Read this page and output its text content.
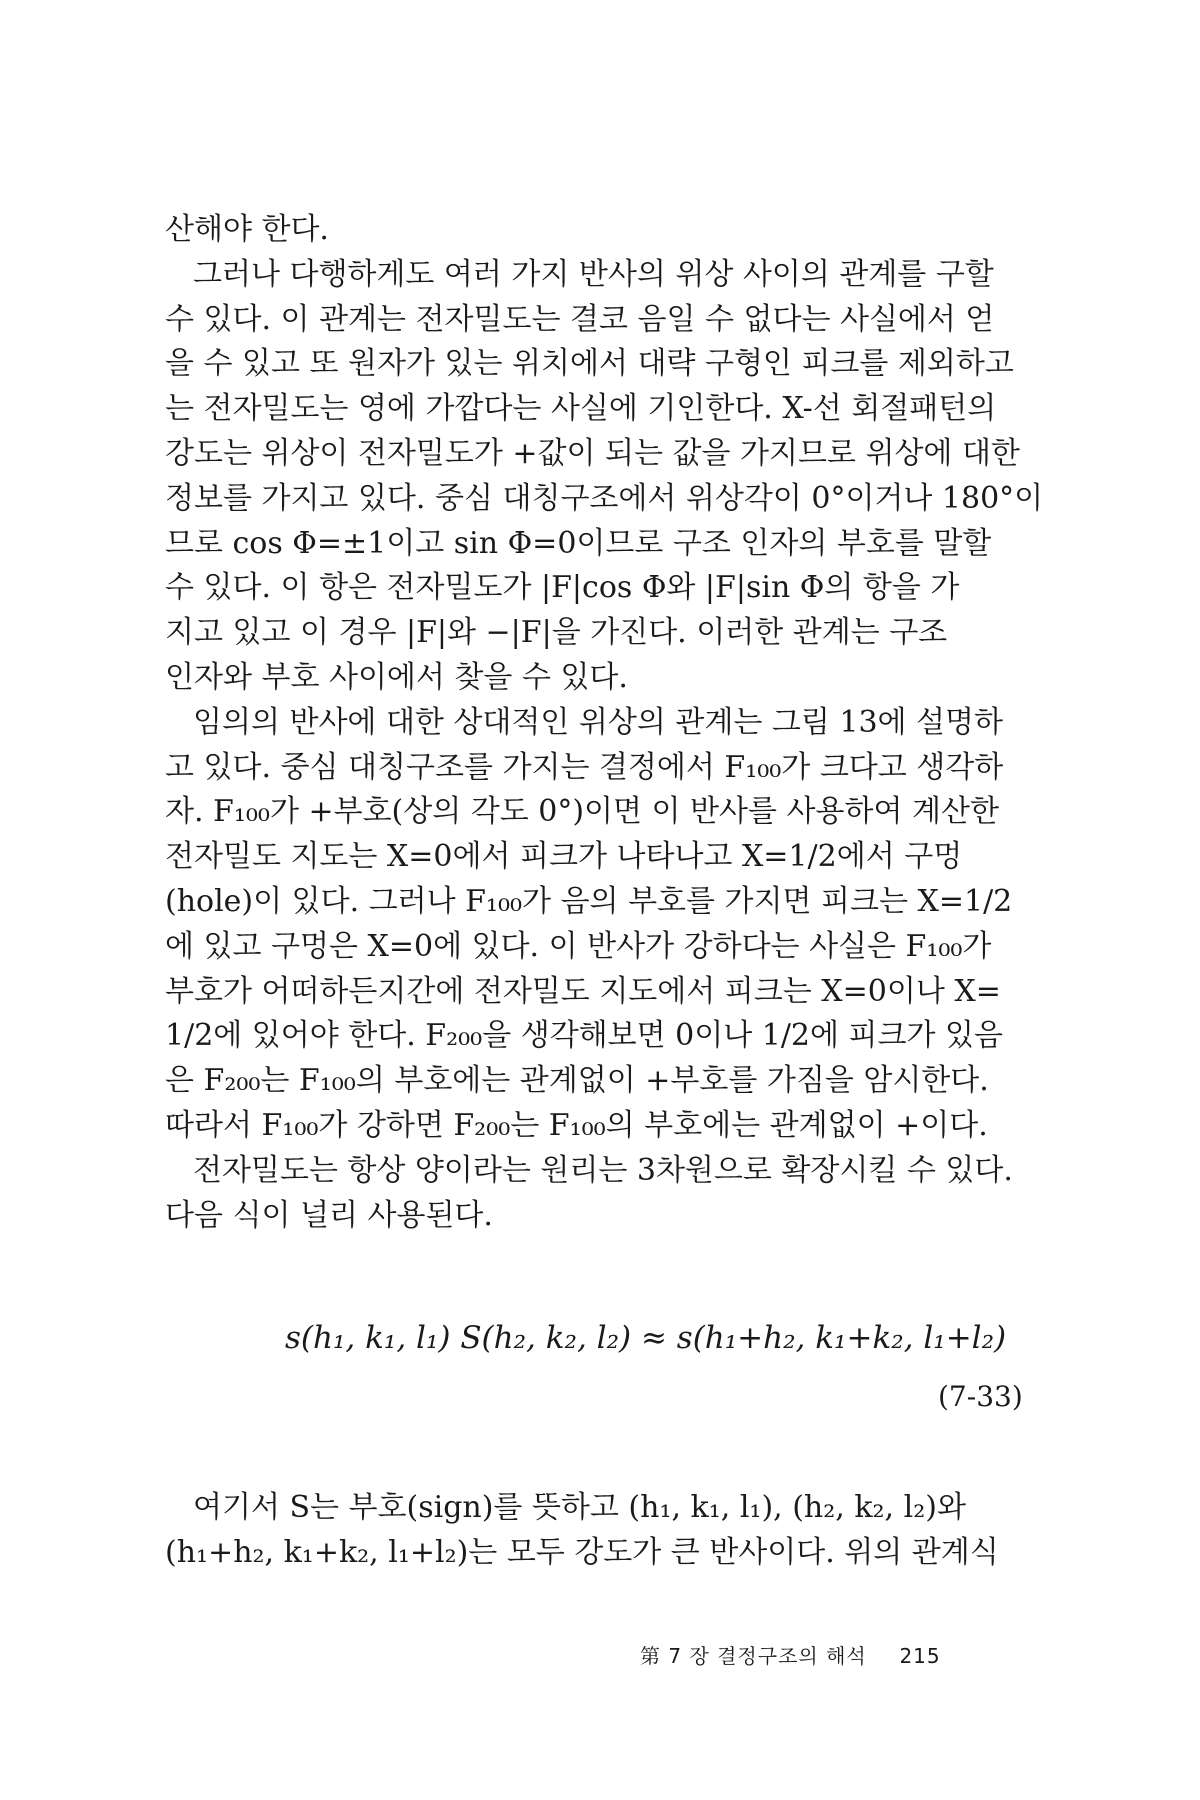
산해야 한다.
그러나 다행하게도 여러 가지 반사의 위상 사이의 관계를 구할
수 있다. 이 관계는 전자밀도는 결코 음일 수 없다는 사실에서 얻
을 수 있고 또 원자가 있는 위치에서 대략 구형인 피크를 제외하고
는 전자밀도는 영에 가깝다는 사실에 기인한다. X-선 회절패턴의
강도는 위상이 전자밀도가 +값이 되는 값을 가지므로 위상에 대한
정보를 가지고 있다. 중심 대칭구조에서 위상각이 0°이거나 180°이
므로 cos Φ=±1이고 sin Φ=0이므로 구조 인자의 부호를 말할
수 있다. 이 항은 전자밀도가 |F|cos Φ와 |F|sin Φ의 항을 가
지고 있고 이 경우 |F|와 −|F|을 가진다. 이러한 관계는 구조
인자와 부호 사이에서 찾을 수 있다.
임의의 반사에 대한 상대적인 위상의 관계는 그림 13에 설명하
고 있다. 중심 대칭구조를 가지는 결정에서 F₁₀₀가 크다고 생각하
자. F₁₀₀가 +부호(상의 각도 0°)이면 이 반사를 사용하여 계산한
전자밀도 지도는 X=0에서 피크가 나타나고 X=1/2에서 구멍
(hole)이 있다. 그러나 F₁₀₀가 음의 부호를 가지면 피크는 X=1/2
에 있고 구멍은 X=0에 있다. 이 반사가 강하다는 사실은 F₁₀₀가
부호가 어떠하든지간에 전자밀도 지도에서 피크는 X=0이나 X=
1/2에 있어야 한다. F₂₀₀을 생각해보면 0이나 1/2에 피크가 있음
은 F₂₀₀는 F₁₀₀의 부호에는 관계없이 +부호를 가짐을 암시한다.
따라서 F₁₀₀가 강하면 F₂₀₀는 F₁₀₀의 부호에는 관계없이 +이다.
전자밀도는 항상 양이라는 원리는 3차원으로 확장시킬 수 있다.
다음 식이 널리 사용된다.
s(h₁, k₁, l₁) S(h₂, k₂, l₂) ≈ s(h₁+h₂, k₁+k₂, l₁+l₂)
(7-33)
여기서 S는 부호(sign)를 뜻하고 (h₁, k₁, l₁), (h₂, k₂, l₂)와
(h₁+h₂, k₁+k₂, l₁+l₂)는 모두 강도가 큰 반사이다. 위의 관계식
第 7 장 결정구조의 해석 215
